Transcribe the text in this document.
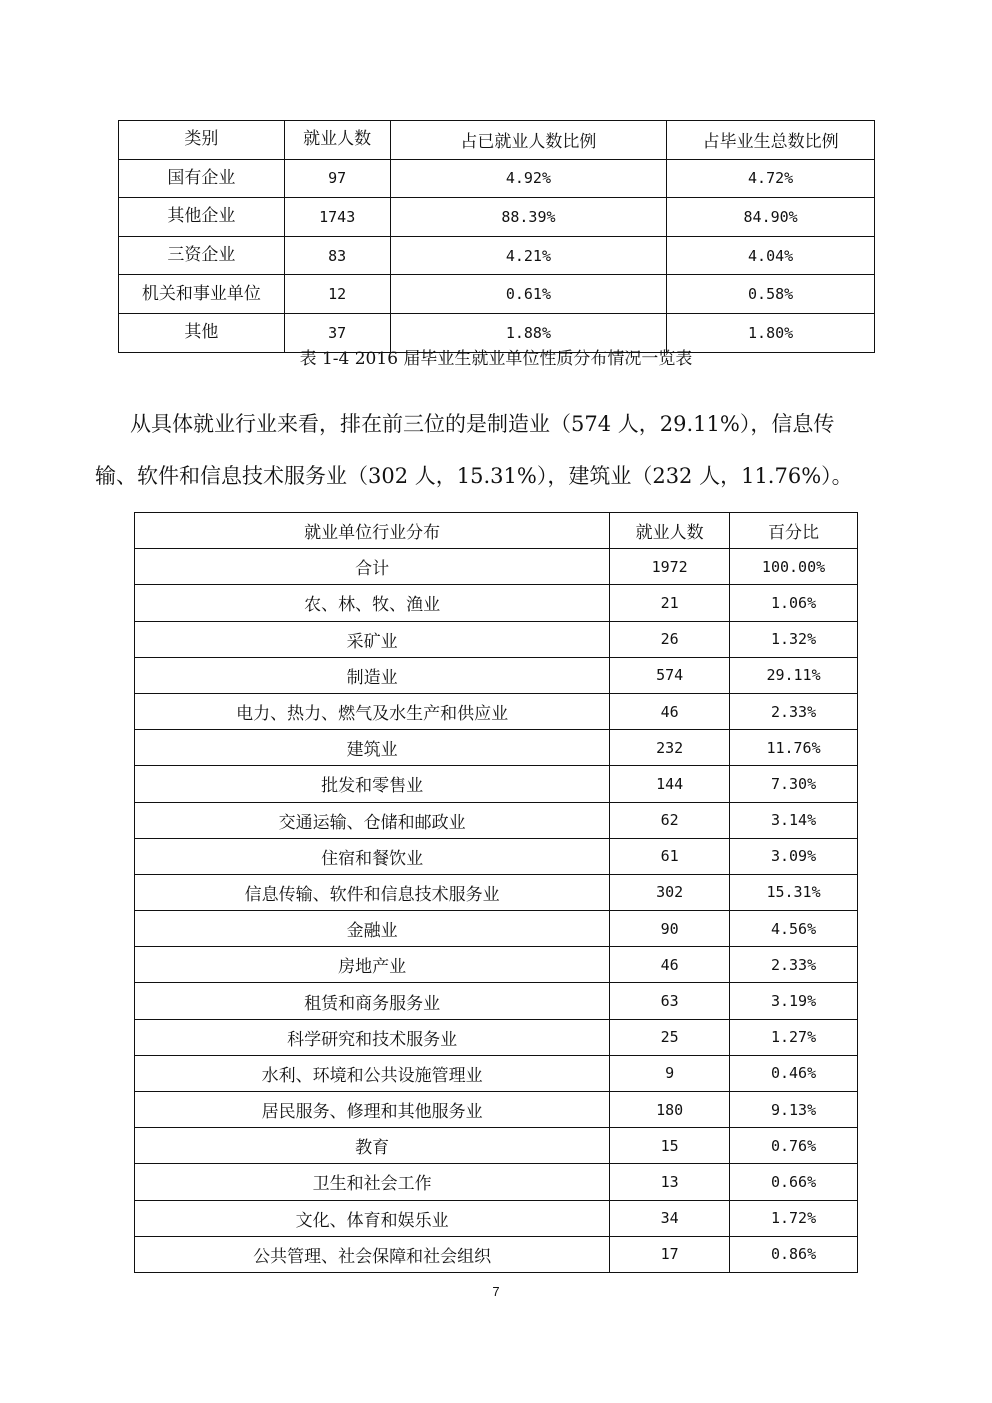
类别	就业人数	占已就业人数比例	占毕业生总数比例
国有企业	97	4.92%	4.72%
其他企业	1743	88.39%	84.90%
三资企业	83	4.21%	4.04%
机关和事业单位	12	0.61%	0.58%
其他	37	1.88%	1.80%
表 1-4 2016 届毕业生就业单位性质分布情况一览表
从具体就业行业来看，排在前三位的是制造业（574 人，29.11%），信息传
输、软件和信息技术服务业（302 人，15.31%），建筑业（232 人，11.76%）。
就业单位行业分布	就业人数	百分比
合计	1972	100.00%
农、林、牧、渔业	21	1.06%
采矿业	26	1.32%
制造业	574	29.11%
电力、热力、燃气及水生产和供应业	46	2.33%
建筑业	232	11.76%
批发和零售业	144	7.30%
交通运输、仓储和邮政业	62	3.14%
住宿和餐饮业	61	3.09%
信息传输、软件和信息技术服务业	302	15.31%
金融业	90	4.56%
房地产业	46	2.33%
租赁和商务服务业	63	3.19%
科学研究和技术服务业	25	1.27%
水利、环境和公共设施管理业	9	0.46%
居民服务、修理和其他服务业	180	9.13%
教育	15	0.76%
卫生和社会工作	13	0.66%
文化、体育和娱乐业	34	1.72%
公共管理、社会保障和社会组织	17	0.86%
7
